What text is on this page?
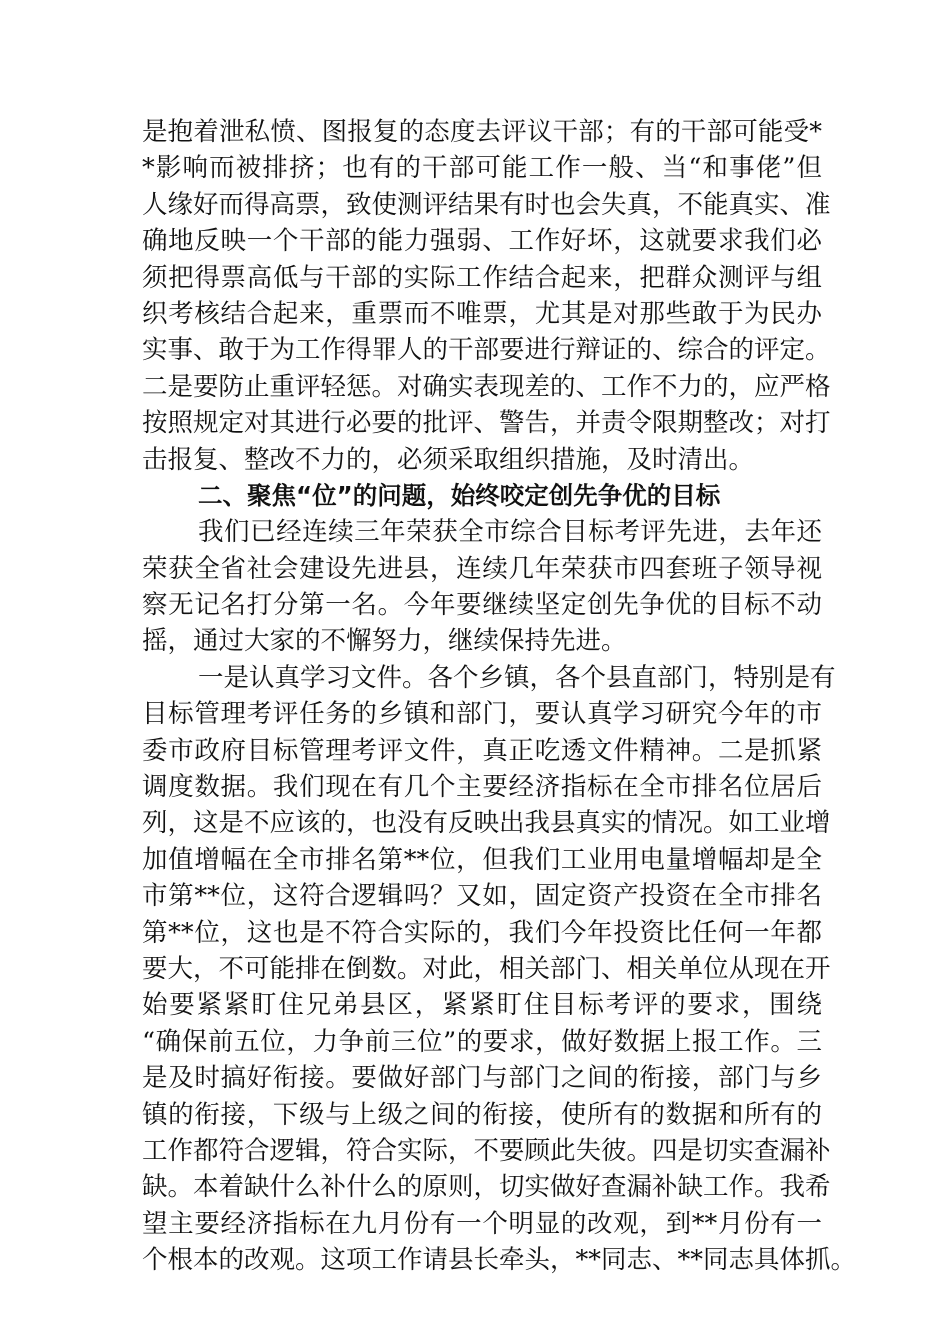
是抱着泄私愤、图报复的态度去评议干部；有的干部可能受*
*影响而被排挤；也有的干部可能工作一般、当“和事佬”但
人缘好而得高票，致使测评结果有时也会失真，不能真实、准
确地反映一个干部的能力强弱、工作好坏，这就要求我们必
须把得票高低与干部的实际工作结合起来，把群众测评与组
织考核结合起来，重票而不唯票，尤其是对那些敢于为民办
实事、敢于为工作得罪人的干部要进行辩证的、综合的评定。
二是要防止重评轻惩。对确实表现差的、工作不力的，应严格
按照规定对其进行必要的批评、警告，并责令限期整改；对打
击报复、整改不力的，必须采取组织措施，及时清出。
二、聚焦“位”的问题，始终咬定创先争优的目标
我们已经连续三年荣获全市综合目标考评先进，去年还
荣获全省社会建设先进县，连续几年荣获市四套班子领导视
察无记名打分第一名。今年要继续坚定创先争优的目标不动
摇，通过大家的不懈努力，继续保持先进。
一是认真学习文件。各个乡镇，各个县直部门，特别是有
目标管理考评任务的乡镇和部门，要认真学习研究今年的市
委市政府目标管理考评文件，真正吃透文件精神。二是抓紧
调度数据。我们现在有几个主要经济指标在全市排名位居后
列，这是不应该的，也没有反映出我县真实的情况。如工业增
加值增幅在全市排名第**位，但我们工业用电量增幅却是全
市第**位，这符合逻辑吗？又如，固定资产投资在全市排名
第**位，这也是不符合实际的，我们今年投资比任何一年都
要大，不可能排在倒数。对此，相关部门、相关单位从现在开
始要紧紧盯住兄弟县区，紧紧盯住目标考评的要求，围绕
“确保前五位，力争前三位”的要求，做好数据上报工作。三
是及时搞好衔接。要做好部门与部门之间的衔接，部门与乡
镇的衔接，下级与上级之间的衔接，使所有的数据和所有的
工作都符合逻辑，符合实际，不要顾此失彼。四是切实查漏补
缺。本着缺什么补什么的原则，切实做好查漏补缺工作。我希
望主要经济指标在九月份有一个明显的改观，到**月份有一
个根本的改观。这项工作请县长牵头，**同志、**同志具体抓。
